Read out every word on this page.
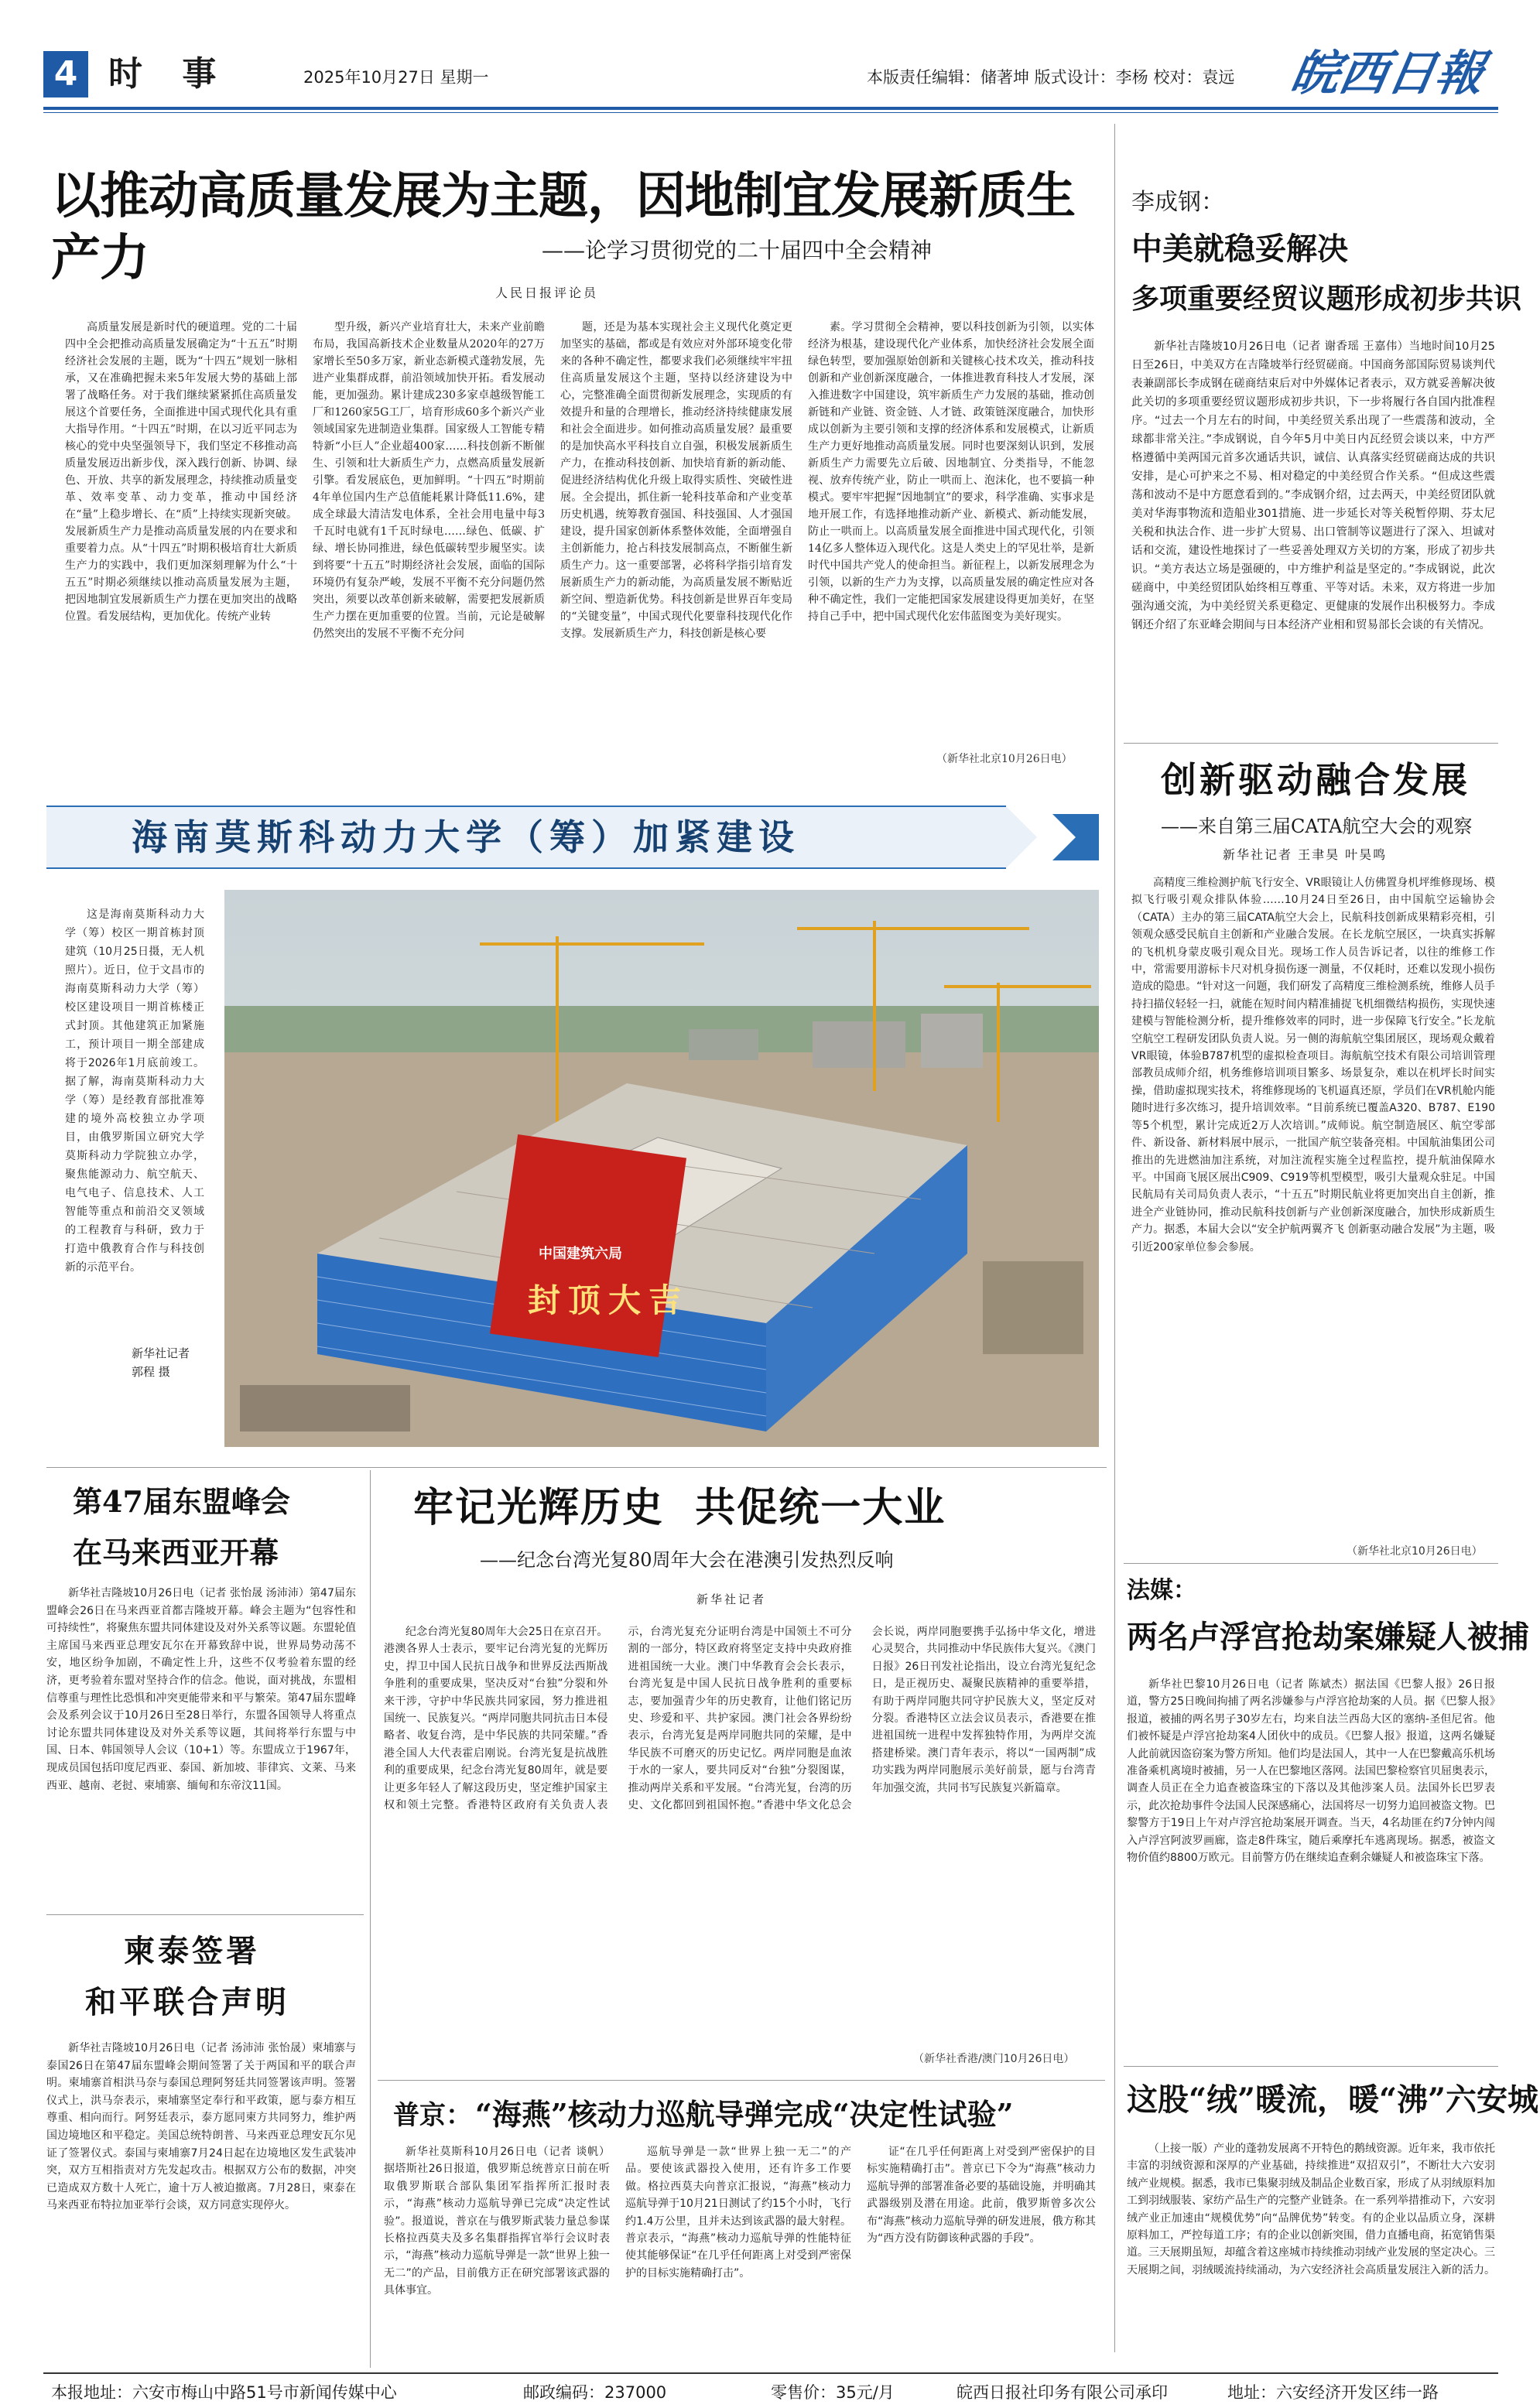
4 时 事	2025年10月27日 星期一	本版责任编辑：储著坤 版式设计：李杨 校对：袁远 皖西日報
以推动高质量发展为主题，因地制宜发展新质生产力	——论学习贯彻党的二十届四中全会精神
人民日报评论员

高质量发展是新时代的硬道理。党的二十届四中全会把推动高质量发展确定为“十五五”时期经济社会发展的主题，既为“十四五”规划一脉相承，又在准确把握未来5年发展大势的基础上部署了战略任务。对于我们继续紧紧抓住高质量发展这个首要任务，全面推进中国式现代化具有重大指导作用。“十四五”时期，在以习近平同志为核心的党中央坚强领导下，我们坚定不移推动高质量发展迈出新步伐，深入践行创新、协调、绿色、开放、共享的新发展理念，持续推动质量变革、效率变革、动力变革，推动中国经济在“量”上稳步增长、在“质”上持续实现新突破。发展新质生产力是推动高质量发展的内在要求和重要着力点。从“十四五”时期积极培育壮大新质生产力的实践中，我们更加深刻理解为什么“十五五”时期必须继续以推动高质量发展为主题，把因地制宜发展新质生产力摆在更加突出的战略位置。看发展结构，更加优化。传统产业转

型升级，新兴产业培育壮大，未来产业前瞻布局，我国高新技术企业数量从2020年的27万家增长至50多万家，新业态新模式蓬勃发展，先进产业集群成群，前沿领域加快开拓。看发展动能，更加强劲。累计建成230多家卓越级智能工厂和1260家5G工厂，培育形成60多个新兴产业领域国家先进制造业集群。国家级人工智能专精特新“小巨人”企业超400家……科技创新不断催生、引领和壮大新质生产力，点燃高质量发展新引擎。看发展底色，更加鲜明。“十四五”时期前4年单位国内生产总值能耗累计降低11.6%，建成全球最大清洁发电体系，全社会用电量中每3千瓦时电就有1千瓦时绿电……绿色、低碳、扩绿、增长协同推进，绿色低碳转型步履坚实。读到将要“十五五”时期经济社会发展，面临的国际环境仍有复杂严峻，发展不平衡不充分问题仍然突出，须要以改革创新来破解，需要把发展新质生产力摆在更加重要的位置。当前，元论是破解仍然突出的发展不平衡不充分问

题，还是为基本实现社会主义现代化奠定更加坚实的基础，都或是有效应对外部环境变化带来的各种不确定性，都要求我们必须继续牢牢扭住高质量发展这个主题，坚持以经济建设为中心，完整准确全面贯彻新发展理念，实现质的有效提升和量的合理增长，推动经济持续健康发展和社会全面进步。如何推动高质量发展？最重要的是加快高水平科技自立自强，积极发展新质生产力，在推动科技创新、加快培育新的新动能、促进经济结构优化升级上取得实质性、突破性进展。全会提出，抓住新一轮科技革命和产业变革历史机遇，统筹教育强国、科技强国、人才强国建设，提升国家创新体系整体效能，全面增强自主创新能力，抢占科技发展制高点，不断催生新质生产力。这一重要部署，必将科学指引培育发展新质生产力的新动能，为高质量发展不断贴近新空间、塑造新优势。科技创新是世界百年变局的“关键变量”，中国式现代化要靠科技现代化作支撑。发展新质生产力，科技创新是核心要

素。学习贯彻全会精神，要以科技创新为引领，以实体经济为根基，建设现代化产业体系，加快经济社会发展全面绿色转型，要加强原始创新和关键核心技术攻关，推动科技创新和产业创新深度融合，一体推进教育科技人才发展，深入推进数字中国建设，筑牢新质生产力发展的基础，推动创新链和产业链、资金链、人才链、政策链深度融合，加快形成以创新为主要引领和支撑的经济体系和发展模式，让新质生产力更好地推动高质量发展。同时也要深刻认识到，发展新质生产力需要先立后破、因地制宜、分类指导，不能忽视、放弃传统产业，防止一哄而上、泡沫化，也不要搞一种模式。要牢牢把握“因地制宜”的要求，科学准确、实事求是地开展工作，有选择地推动新产业、新模式、新动能发展，防止一哄而上。以高质量发展全面推进中国式现代化，引领14亿多人整体迈入现代化。这是人类史上的罕见壮举，是新时代中国共产党人的使命担当。新征程上，以新发展理念为引领，以新的生产力为支撑，以高质量发展的确定性应对各种不确定性，我们一定能把国家发展建设得更加美好，在坚持自己手中，把中国式现代化宏伟蓝图变为美好现实。

（新华社北京10月26日电）
海南莫斯科动力大学（筹）加紧建设

这是海南莫斯科动力大学（筹）校区一期首栋封顶建筑（10月25日摄，无人机照片）。近日，位于文昌市的海南莫斯科动力大学（筹）校区建设项目一期首栋楼正式封顶。其他建筑正加紧施工，预计项目一期全部建成将于2026年1月底前竣工。据了解，海南莫斯科动力大学（筹）是经教育部批准筹建的境外高校独立办学项目，由俄罗斯国立研究大学莫斯科动力学院独立办学，聚焦能源动力、航空航天、电气电子、信息技术、人工智能等重点和前沿交叉领域的工程教育与科研，致力于打造中俄教育合作与科技创新的示范平台。

新华社记者
郭程 摄
中国建筑六局
封顶大吉
李成钢：
中美就稳妥解决
多项重要经贸议题形成初步共识

新华社吉隆坡10月26日电（记者 谢香瑶 王嘉伟）当地时间10月25日至26日，中美双方在吉隆坡举行经贸磋商。中国商务部国际贸易谈判代表兼副部长李成钢在磋商结束后对中外媒体记者表示，双方就妥善解决彼此关切的多项重要经贸议题形成初步共识，下一步将履行各自国内批准程序。“过去一个月左右的时间，中美经贸关系出现了一些震荡和波动，全球都非常关注。”李成钢说，自今年5月中美日内瓦经贸会谈以来，中方严格遵循中美两国元首多次通话共识，诚信、认真落实经贸磋商达成的共识安排，是心可护来之不易、相对稳定的中美经贸合作关系。“但成这些震荡和波动不是中方愿意看到的。”李成钢介绍，过去两天，中美经贸团队就美对华海事物流和造船业301措施、进一步延长对等关税暂停期、芬太尼关税和执法合作、进一步扩大贸易、出口管制等议题进行了深入、坦诚对话和交流，建设性地探讨了一些妥善处理双方关切的方案，形成了初步共识。“美方表达立场是强硬的，中方维护利益是坚定的。”李成钢说，此次磋商中，中美经贸团队始终相互尊重、平等对话。未来，双方将进一步加强沟通交流，为中美经贸关系更稳定、更健康的发展作出积极努力。李成钢还介绍了东亚峰会期间与日本经济产业相和贸易部长会谈的有关情况。

创新驱动融合发展
——来自第三届CATA航空大会的观察
新华社记者 王聿昊 叶昊鸣

高精度三维检测护航飞行安全、VR眼镜让人仿佛置身机坪维修现场、模拟飞行吸引观众排队体验……10月24日至26日，由中国航空运输协会（CATA）主办的第三届CATA航空大会上，民航科技创新成果精彩亮相，引领观众感受民航自主创新和产业融合发展。在长龙航空展区，一块真实拆解的飞机机身蒙皮吸引观众目光。现场工作人员告诉记者，以往的维修工作中，常需要用游标卡尺对机身损伤逐一测量，不仅耗时，还难以发现小损伤造成的隐患。“针对这一问题，我们研发了高精度三维检测系统，维修人员手持扫描仪轻轻一扫，就能在短时间内精准捕捉飞机细微结构损伤，实现快速建模与智能检测分析，提升维修效率的同时，进一步保障飞行安全。”长龙航空航空工程研发团队负责人说。另一侧的海航航空集团展区，现场观众戴着VR眼镜，体验B787机型的虚拟检查项目。海航航空技术有限公司培训管理部教员成师介绍，机务维修培训项目繁多、场景复杂，难以在机坪长时间实操，借助虚拟现实技术，将维修现场的飞机逼真还原，学员们在VR机舱内能随时进行多次练习，提升培训效率。“目前系统已覆盖A320、B787、E190等5个机型，累计完成近2万人次培训。”成师说。航空制造展区、航空零部件、新设备、新材料展中展示，一批国产航空装备亮相。中国航油集团公司推出的先进燃油加注系统，对加注流程实施全过程监控，提升航油保障水平。中国商飞展区展出C909、C919等机型模型，吸引大量观众驻足。中国民航局有关司局负责人表示，“十五五”时期民航业将更加突出自主创新，推进全产业链协同，推动民航科技创新与产业创新深度融合，加快形成新质生产力。据悉，本届大会以“安全护航两翼齐飞 创新驱动融合发展”为主题，吸引近200家单位参会参展。

（新华社北京10月26日电）
法媒：
两名卢浮宫抢劫案嫌疑人被捕

新华社巴黎10月26日电（记者 陈斌杰）据法国《巴黎人报》26日报道，警方25日晚间拘捕了两名涉嫌参与卢浮宫抢劫案的人员。据《巴黎人报》报道，被捕的两名男子30岁左右，均来自法兰西岛大区的塞纳-圣但尼省。他们被怀疑是卢浮宫抢劫案4人团伙中的成员。《巴黎人报》报道，这两名嫌疑人此前就因盗窃案为警方所知。他们均是法国人，其中一人在巴黎戴高乐机场准备乘机离境时被捕，另一人在巴黎地区落网。法国巴黎检察官贝屈奥表示，调查人员正在全力追查被盗珠宝的下落以及其他涉案人员。法国外长巴罗表示，此次抢劫事件令法国人民深感痛心，法国将尽一切努力追回被盗文物。巴黎警方于19日上午对卢浮宫抢劫案展开调查。当天，4名劫匪在约7分钟内闯入卢浮宫阿波罗画廊，盗走8件珠宝，随后乘摩托车逃离现场。据悉，被盗文物价值约8800万欧元。目前警方仍在继续追查剩余嫌疑人和被盗珠宝下落。

这股“绒”暖流，暖“沸”六安城

（上接一版）产业的蓬勃发展离不开特色的鹅绒资源。近年来，我市依托丰富的羽绒资源和深厚的产业基础，持续推进“双招双引”，不断壮大六安羽绒产业规模。据悉，我市已集聚羽绒及制品企业数百家，形成了从羽绒原料加工到羽绒服装、家纺产品生产的完整产业链条。在一系列举措推动下，六安羽绒产业正加速由“规模优势”向“品牌优势”转变。有的企业以品质立身，深耕原料加工，严控每道工序；有的企业以创新突围，借力直播电商，拓宽销售渠道。三天展期虽短，却蕴含着这座城市持续推动羽绒产业发展的坚定决心。三天展期之间，羽绒暖流持续涌动，为六安经济社会高质量发展注入新的活力。

第47届东盟峰会
在马来西亚开幕

新华社吉隆坡10月26日电（记者 张怡晟 汤沛沛）第47届东盟峰会26日在马来西亚首都吉隆坡开幕。峰会主题为“包容性和可持续性”，将聚焦东盟共同体建设及对外关系等议题。东盟轮值主席国马来西亚总理安瓦尔在开幕致辞中说，世界局势动荡不安，地区纷争加剧，不确定性上升，这些不仅考验着东盟的经济，更考验着东盟对坚持合作的信念。他说，面对挑战，东盟相信尊重与理性比恐惧和冲突更能带来和平与繁荣。第47届东盟峰会及系列会议于10月26日至28日举行，东盟各国领导人将重点讨论东盟共同体建设及对外关系等议题，其间将举行东盟与中国、日本、韩国领导人会议（10+1）等。东盟成立于1967年，现成员国包括印度尼西亚、泰国、新加坡、菲律宾、文莱、马来西亚、越南、老挝、柬埔寨、缅甸和东帝汶11国。

柬泰签署
和平联合声明

新华社吉隆坡10月26日电（记者 汤沛沛 张怡晟）柬埔寨与泰国26日在第47届东盟峰会期间签署了关于两国和平的联合声明。柬埔寨首相洪马奈与泰国总理阿努廷共同签署该声明。签署仪式上，洪马奈表示，柬埔寨坚定奉行和平政策，愿与泰方相互尊重、相向而行。阿努廷表示，泰方愿同柬方共同努力，维护两国边境地区和平稳定。美国总统特朗普、马来西亚总理安瓦尔见证了签署仪式。泰国与柬埔寨7月24日起在边境地区发生武装冲突，双方互相指责对方先发起攻击。根据双方公布的数据，冲突已造成双方数十人死亡，逾十万人被迫撤离。7月28日，柬泰在马来西亚布特拉加亚举行会谈，双方同意实现停火。

牢记光辉历史  共促统一大业
——纪念台湾光复80周年大会在港澳引发热烈反响
新华社记者

纪念台湾光复80周年大会25日在京召开。港澳各界人士表示，要牢记台湾光复的光辉历史，捍卫中国人民抗日战争和世界反法西斯战争胜利的重要成果，坚决反对“台独”分裂和外来干涉，守护中华民族共同家园，努力推进祖国统一、民族复兴。“两岸同胞共同抗击日本侵略者、收复台湾，是中华民族的共同荣耀。”香港全国人大代表霍启刚说。台湾光复是抗战胜利的重要成果，纪念台湾光复80周年，就是要让更多年轻人了解这段历史，坚定维护国家主权和领土完整。香港特区政府有关负责人表示，台湾光复充分证明台湾是中国领土不可分割的一部分，特区政府将坚定支持中央政府推进祖国统一大业。澳门中华教育会会长表示，台湾光复是中国人民抗日战争胜利的重要标志，要加强青少年的历史教育，让他们铭记历史、珍爱和平、共护家园。澳门社会各界纷纷表示，台湾光复是两岸同胞共同的荣耀，是中华民族不可磨灭的历史记忆。两岸同胞是血浓于水的一家人，要共同反对“台独”分裂图谋，推动两岸关系和平发展。“台湾光复，台湾的历史、文化都回到祖国怀抱。”香港中华文化总会会长说，两岸同胞要携手弘扬中华文化，增进心灵契合，共同推动中华民族伟大复兴。《澳门日报》26日刊发社论指出，设立台湾光复纪念日，是正视历史、凝聚民族精神的重要举措，有助于两岸同胞共同守护民族大义，坚定反对分裂。香港特区立法会议员表示，香港要在推进祖国统一进程中发挥独特作用，为两岸交流搭建桥梁。澳门青年表示，将以“一国两制”成功实践为两岸同胞展示美好前景，愿与台湾青年加强交流，共同书写民族复兴新篇章。

（新华社香港/澳门10月26日电）
普京： “海燕”核动力巡航导弹完成“决定性试验”

新华社莫斯科10月26日电（记者 谈帆）据塔斯社26日报道，俄罗斯总统普京日前在听取俄罗斯联合部队集团军指挥所汇报时表示，“海燕”核动力巡航导弹已完成“决定性试验”。报道说，普京在与俄罗斯武装力量总参谋长格拉西莫夫及多名集群指挥官举行会议时表示，“海燕”核动力巡航导弹是一款“世界上独一无二”的产品，目前俄方正在研究部署该武器的具体事宜。

巡航导弹是一款“世界上独一无二”的产品。要使该武器投入使用，还有许多工作要做。格拉西莫夫向普京汇报说，“海燕”核动力巡航导弹于10月21日测试了约15个小时，飞行约1.4万公里，且并未达到该武器的最大射程。普京表示，“海燕”核动力巡航导弹的性能特征使其能够保证“在几乎任何距离上对受到严密保护的目标实施精确打击”。

证“在几乎任何距离上对受到严密保护的目标实施精确打击”。普京已下令为“海燕”核动力巡航导弹的部署准备必要的基础设施，并明确其武器级别及潜在用途。此前，俄罗斯曾多次公布“海燕”核动力巡航导弹的研发进展，俄方称其为“西方没有防御该种武器的手段”。

本报地址：六安市梅山中路51号市新闻传媒中心	邮政编码：237000	零售价：35元/月	皖西日报社印务有限公司承印	地址：六安经济开发区纬一路
